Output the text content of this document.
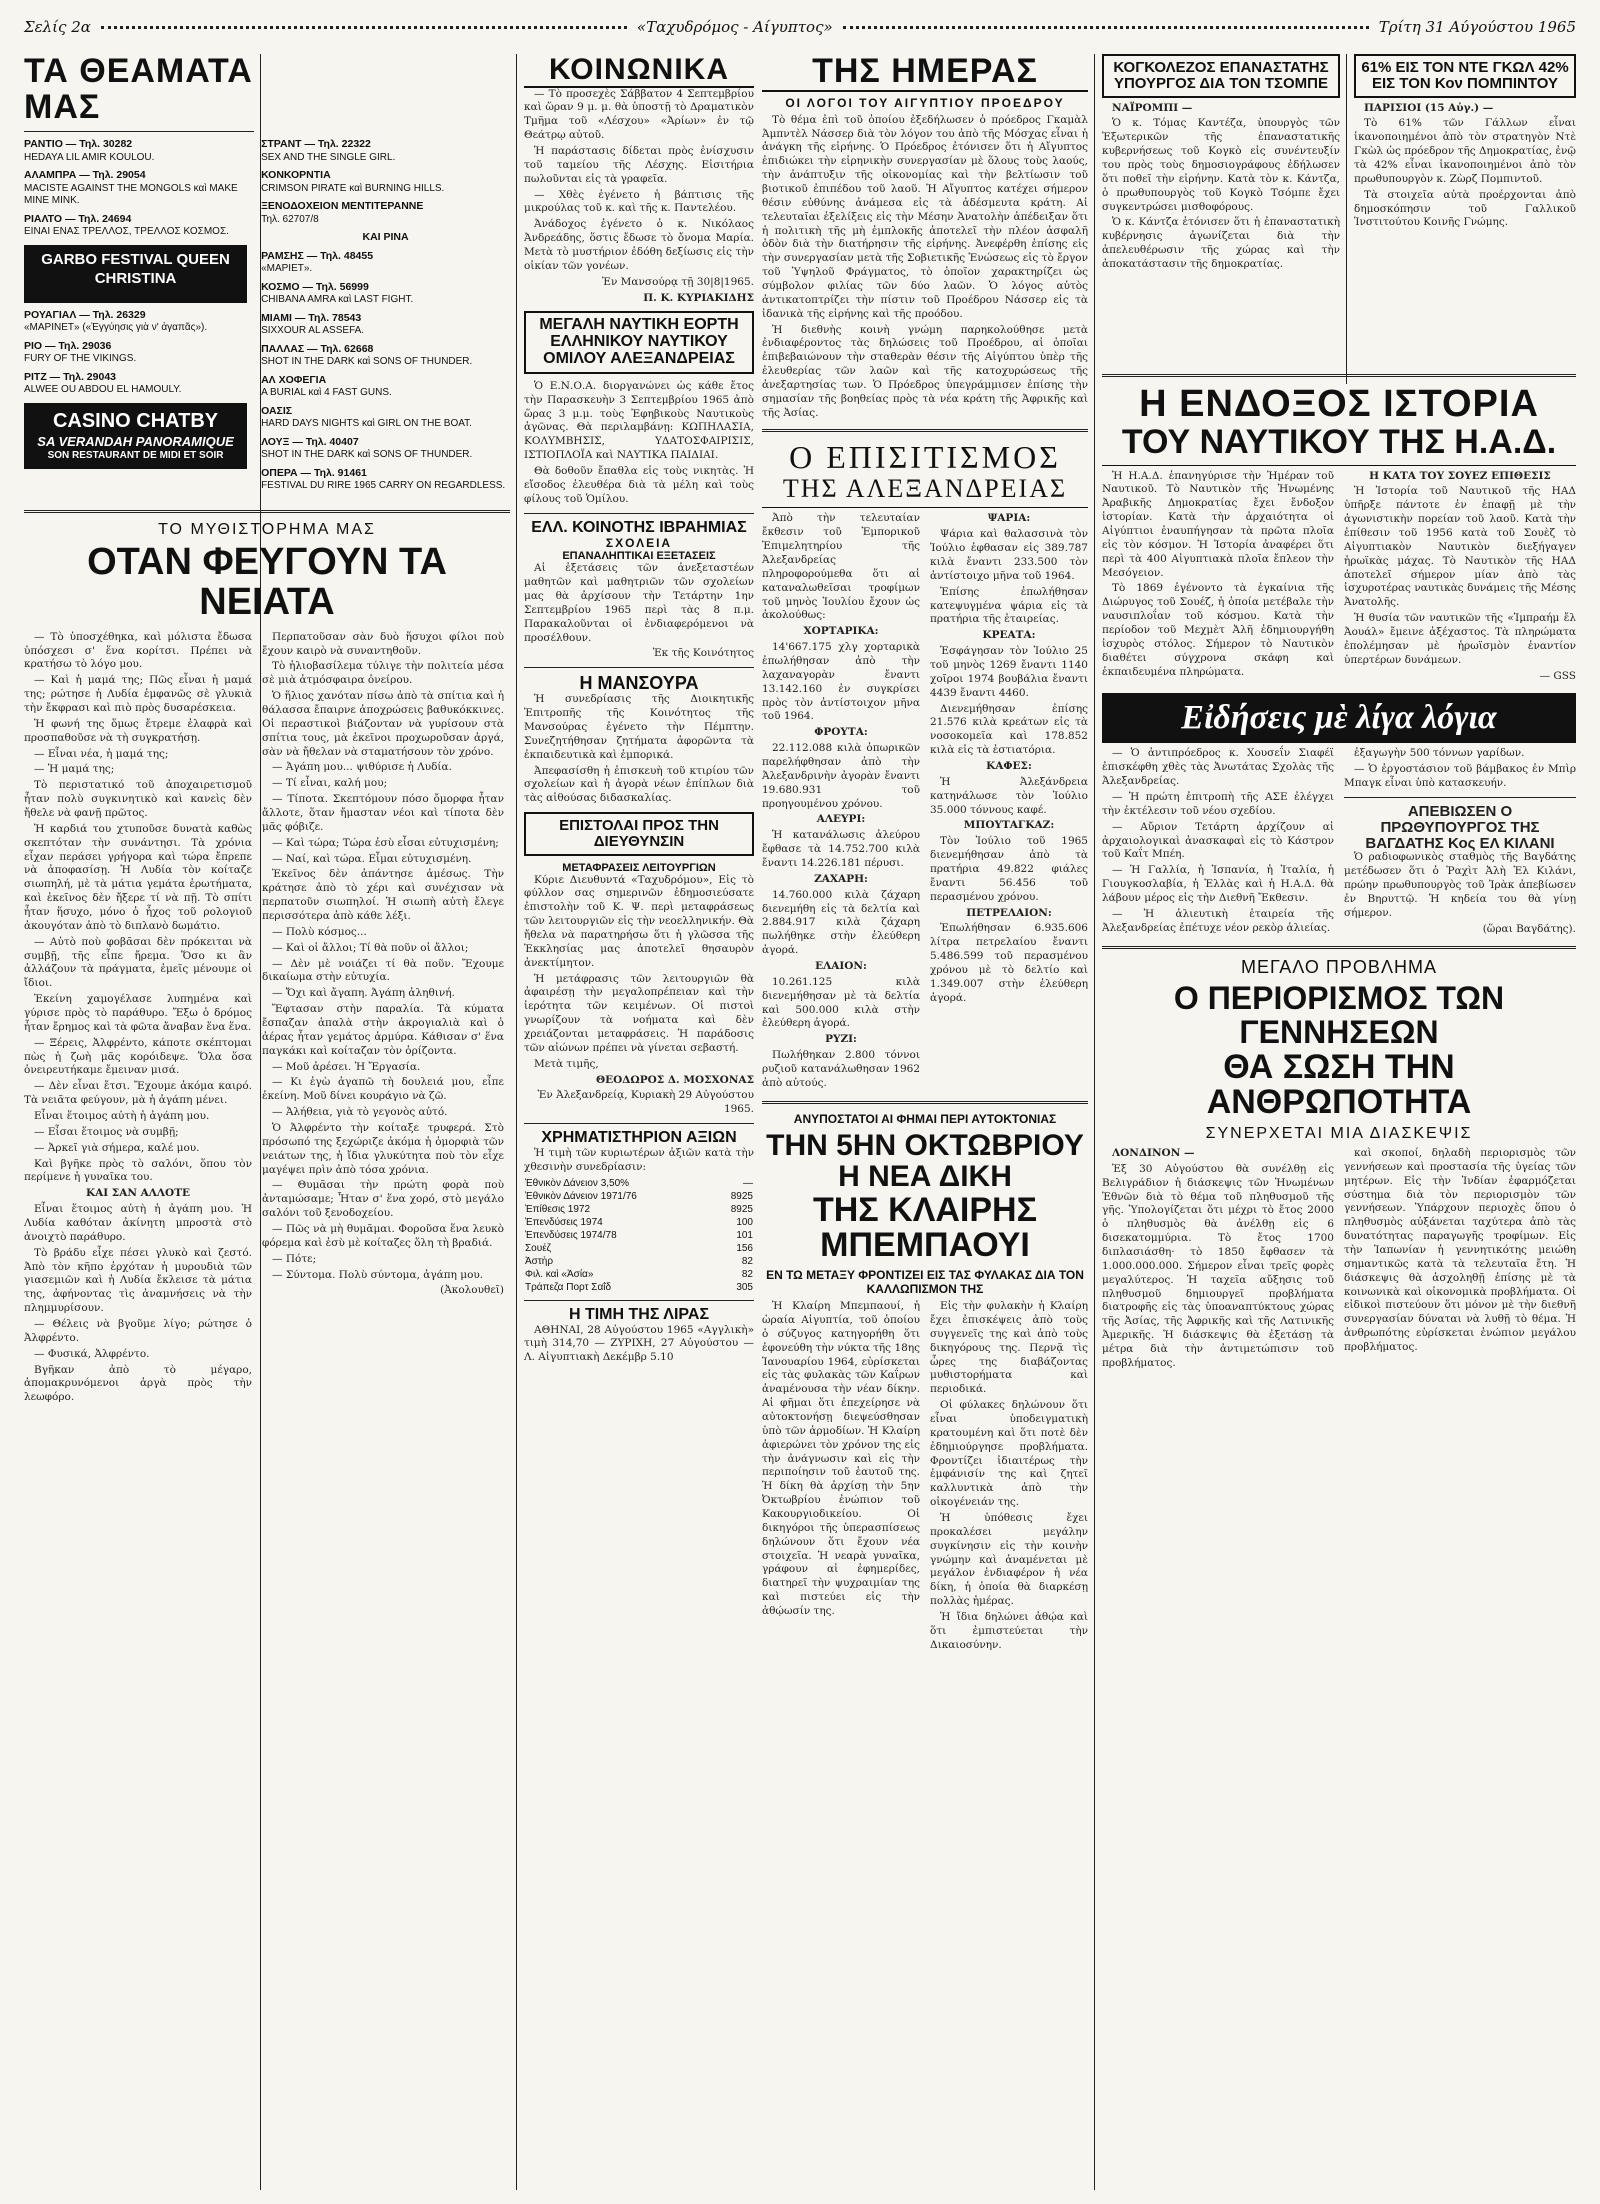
Σελίς 2α	«Ταχυδρόμος - Αίγυπτος»	Τρίτη 31 Αύγούστου 1965
ΤΑ ΘΕΑΜΑΤΑ ΜΑΣ
ΡΑΝΤΙΟ — Τηλ. 30282
HEDAYA LIL AMIR KOULOU.
ΑΛΑΜΠΡΑ — Τηλ. 29054
MACISTE AGAINST THE MONGOLS καὶ MAKE MINE MINK.
ΡΙΑΛΤΟ — Τηλ. 24694
ΕΙΝΑΙ ΕΝΑΣ ΤΡΕΛΛΟΣ, ΤΡΕΛΛΟΣ ΚΟΣΜΟΣ.
GARBO FESTIVAL QUEEN CHRISTINA
ΡΟΥΑΓΙΑΛ — Τηλ. 26329
«ΜΑΡΙΝΕΤ» («Ἐγγύησις γιὰ ν' ἀγαπᾶς»).
ΡΙΟ — Τηλ. 29036
FURY OF THE VIKINGS.
ΡΙΤΖ — Τηλ. 29043
ALWEE OU ABDOU EL HAMOULY.
CASINO CHATBY
SA VERANDAH PANORAMIQUE
SON RESTAURANT DE MIDI ET SOIR
ΣΤΡΑΝΤ — Τηλ. 22322
SEX AND THE SINGLE GIRL.
ΚΟΝΚΟΡΝΤΙΑ
CRIMSON PIRATE καὶ BURNING HILLS.
ΞΕΝΟΔΟΧΕΙΟΝ ΜΕΝΤΙΤΕΡΑΝΝΕ
Τηλ. 62707/8
ΚΑΙ ΡΙΝΑ
ΡΑΜΣΗΣ — Τηλ. 48455
«ΜΑΡΙΕΤ».
ΚΟΣΜΟ — Τηλ. 56999
CHIBANA AMRA καὶ LAST FIGHT.
ΜΙΑΜΙ — Τηλ. 78543
SIXXOUR AL ASSEFA.
ΠΑΛΛΑΣ — Τηλ. 62668
SHOT IN THE DARK καὶ SONS OF THUNDER.
ΑΛ ΧΟΦΕΓΙΑ
A BURIAL καὶ 4 FAST GUNS.
ΟΑΣΙΣ
HARD DAYS NIGHTS καὶ GIRL ON THE BOAT.
ΛΟΥΞ — Τηλ. 40407
SHOT IN THE DARK καὶ SONS OF THUNDER.
ΟΠΕΡΑ — Τηλ. 91461
FESTIVAL DU RIRE 1965 CARRY ON REGARDLESS.
ΤΟ ΜΥΘΙΣΤΟΡΗΜΑ ΜΑΣ
ΟΤΑΝ ΦΕΥΓΟΥΝ ΤΑ ΝΕΙΑΤΑ

— Τὸ ὑποσχέθηκα, καὶ μόλιστα ἔδωσα ὑπόσχεσι σ' ἕνα κορίτσι. Πρέπει νὰ κρατήσω τὸ λόγο μου.

— Καὶ ἡ μαμά της; Πῶς εἶναι ἡ μαμά της; ρώτησε ἡ Λυδία ἐμφανῶς σὲ γλυκιὰ τὴν ἔκφρασι καὶ πιὸ πρὸς δυσαρέσκεια.

Ἡ φωνή της ὅμως ἔτρεμε ἐλαφρὰ καὶ προσπαθοῦσε νὰ τὴ συγκρατήσῃ.

— Εἶναι νέα, ἡ μαμά της;

— Ἡ μαμά της;

Τὸ περιστατικό τοῦ ἀποχαιρετισμοῦ ἦταν πολὺ συγκινητικὸ καὶ κανεὶς δὲν ἤθελε νὰ φανῇ πρῶτος.

Ἡ καρδιά του χτυποῦσε δυνατὰ καθὼς σκεπτόταν τὴν συνάντησι. Τὰ χρόνια εἶχαν περάσει γρήγορα καὶ τώρα ἔπρεπε νὰ ἀποφασίσῃ. Ἡ Λυδία τὸν κοίταζε σιωπηλή, μὲ τὰ μάτια γεμάτα ἐρωτήματα, καὶ ἐκεῖνος δὲν ἤξερε τί νὰ πῇ. Τὸ σπίτι ἦταν ἥσυχο, μόνο ὁ ἦχος τοῦ ρολογιοῦ ἀκουγόταν ἀπὸ τὸ διπλανὸ δωμάτιο.

— Αὐτὸ ποὺ φοβᾶσαι δὲν πρόκειται νὰ συμβῇ, τῆς εἶπε ἤρεμα. Ὅσο κι ἂν ἀλλάζουν τὰ πράγματα, ἐμεῖς μένουμε οἱ ἴδιοι.

Ἐκείνη χαμογέλασε λυπημένα καὶ γύρισε πρὸς τὸ παράθυρο. Ἔξω ὁ δρόμος ἦταν ἔρημος καὶ τὰ φῶτα ἄναβαν ἕνα ἕνα.

— Ξέρεις, Ἀλφρέντο, κάποτε σκέπτομαι πὼς ἡ ζωὴ μᾶς κορόιδεψε. Ὅλα ὅσα ὀνειρευτήκαμε ἔμειναν μισά.

— Δὲν εἶναι ἔτσι. Ἔχουμε ἀκόμα καιρό. Τὰ νειᾶτα φεύγουν, μὰ ἡ ἀγάπη μένει.

Εἶναι ἕτοιμος αὐτὴ ἡ ἀγάπη μου.

— Εἶσαι ἕτοιμος νὰ συμβῇ;

— Ἀρκεῖ γιὰ σήμερα, καλέ μου.

Καὶ βγῆκε πρὸς τὸ σαλόνι, ὅπου τὸν περίμενε ἡ γυναῖκα του.

ΚΑΙ ΣΑΝ ΑΛΛΟΤΕ

Εἶναι ἕτοιμος αὐτὴ ἡ ἀγάπη μου. Ἡ Λυδία καθόταν ἀκίνητη μπροστὰ στὸ ἀνοιχτὸ παράθυρο.

Τὸ βράδυ εἶχε πέσει γλυκὸ καὶ ζεστό. Ἀπὸ τὸν κῆπο ἐρχόταν ἡ μυρουδιὰ τῶν γιασεμιῶν καὶ ἡ Λυδία ἔκλεισε τὰ μάτια της, ἀφήνοντας τὶς ἀναμνήσεις νὰ τὴν πλημμυρίσουν.

— Θέλεις νὰ βγοῦμε λίγο; ρώτησε ὁ Ἀλφρέντο.

— Φυσικά, Ἀλφρέντο.

Βγῆκαν ἀπὸ τὸ μέγαρο, ἀπομακρυνόμενοι ἀργὰ πρὸς τὴν λεωφόρο.

Περπατοῦσαν σὰν δυὸ ἥσυχοι φίλοι ποὺ ἔχουν καιρὸ νὰ συναντηθοῦν.

Τὸ ἡλιοβασίλεμα τύλιγε τὴν πολιτεία μέσα σὲ μιὰ ἀτμόσφαιρα ὀνείρου.

Ὁ ἥλιος χανόταν πίσω ἀπὸ τὰ σπίτια καὶ ἡ θάλασσα ἔπαιρνε ἀποχρώσεις βαθυκόκκινες. Οἱ περαστικοὶ βιάζονταν νὰ γυρίσουν στὰ σπίτια τους, μὰ ἐκεῖνοι προχωροῦσαν ἀργά, σὰν νὰ ἤθελαν νὰ σταματήσουν τὸν χρόνο.

— Ἀγάπη μου... ψιθύρισε ἡ Λυδία.

— Τί εἶναι, καλή μου;

— Τίποτα. Σκεπτόμουν πόσο ὄμορφα ἦταν ἄλλοτε, ὅταν ἤμασταν νέοι καὶ τίποτα δὲν μᾶς φόβιζε.

— Καὶ τώρα; Τώρα ἐσὺ εἶσαι εὐτυχισμένη;

— Ναί, καὶ τώρα. Εἶμαι εὐτυχισμένη.

Ἐκεῖνος δὲν ἀπάντησε ἀμέσως. Τὴν κράτησε ἀπὸ τὸ χέρι καὶ συνέχισαν νὰ περπατοῦν σιωπηλοί. Ἡ σιωπὴ αὐτὴ ἔλεγε περισσότερα ἀπὸ κάθε λέξι.

— Πολὺ κόσμος...

— Καὶ οἱ ἄλλοι; Τί θὰ ποῦν οἱ ἄλλοι;

— Δὲν μὲ νοιάζει τί θὰ ποῦν. Ἔχουμε δικαίωμα στὴν εὐτυχία.

— Ὄχι καὶ ἄγαπη. Ἀγάπη ἀληθινή.

Ἔφτασαν στὴν παραλία. Τὰ κύματα ἔσπαζαν ἁπαλὰ στὴν ἀκρογιαλιὰ καὶ ὁ ἀέρας ἦταν γεμάτος ἁρμύρα. Κάθισαν σ' ἕνα παγκάκι καὶ κοίταζαν τὸν ὁρίζοντα.

— Μοῦ ἀρέσει. Ἡ Ἔργασία.

— Κι ἐγὼ ἀγαπῶ τὴ δουλειά μου, εἶπε ἐκείνη. Μοῦ δίνει κουράγιο νὰ ζῶ.

— Ἀλήθεια, γιὰ τὸ γεγονὸς αὐτό.

Ὁ Ἀλφρέντο τὴν κοίταξε τρυφερά. Στὸ πρόσωπό της ξεχώριζε ἀκόμα ἡ ὀμορφιὰ τῶν νειάτων της, ἡ ἴδια γλυκύτητα ποὺ τὸν εἶχε μαγέψει πρὶν ἀπὸ τόσα χρόνια.

— Θυμᾶσαι τὴν πρώτη φορὰ ποὺ ἀνταμώσαμε; Ἦταν σ' ἕνα χορό, στὸ μεγάλο σαλόνι τοῦ ξενοδοχείου.

— Πῶς νὰ μὴ θυμᾶμαι. Φοροῦσα ἕνα λευκὸ φόρεμα καὶ ἐσὺ μὲ κοίταζες ὅλη τὴ βραδιά.

— Πότε;

— Σύντομα. Πολὺ σύντομα, ἀγάπη μου.

(Ἀκολουθεῖ)

ΚΟΙΝΩΝΙΚΑ

— Τὸ προσεχὲς Σάββατον 4 Σεπτεμβρίου καὶ ὥραν 9 μ. μ. θὰ ὑποστῇ τὸ Δραματικὸν Τμῆμα τοῦ «Λέσχου» «Ἀρίων» ἐν τῷ Θεάτρῳ αὐτοῦ.

Ἡ παράστασις δίδεται πρὸς ἐνίσχυσιν τοῦ ταμείου τῆς Λέσχης. Εἰσιτήρια πωλοῦνται εἰς τὰ γραφεῖα.

— Χθὲς ἐγένετο ἡ βάπτισις τῆς μικρούλας τοῦ κ. καὶ τῆς κ. Παντελέου.

Ἀνάδοχος ἐγένετο ὁ κ. Νικόλαος Ἀνδρεάδης, ὅστις ἔδωσε τὸ ὄνομα Μαρία. Μετὰ τὸ μυστήριον ἐδόθη δεξίωσις εἰς τὴν οἰκίαν τῶν γονέων.

Ἐν Μανσούρᾳ τῇ 30|8|1965.

Π. Κ. ΚΥΡΙΑΚΙΔΗΣ

ΜΕΓΑΛΗ ΝΑΥΤΙΚΗ ΕΟΡΤΗ ΕΛΛΗΝΙΚΟΥ ΝΑΥΤΙΚΟΥ ΟΜΙΛΟΥ ΑΛΕΞΑΝΔΡΕΙΑΣ

Ὁ Ε.Ν.Ο.Α. διοργανώνει ὡς κάθε ἔτος τὴν Παρασκευὴν 3 Σεπτεμβρίου 1965 ἀπὸ ὥρας 3 μ.μ. τοὺς Ἐφηβικοὺς Ναυτικοὺς ἀγῶνας. Θὰ περιλαμβάνῃ: ΚΩΠΗΛΑΣΙΑ, ΚΟΛΥΜΒΗΣΙΣ, ΥΔΑΤΟΣΦΑΙΡΙΣΙΣ, ΙΣΤΙΟΠΛΟΪΑ καὶ ΝΑΥΤΙΚΑ ΠΑΙΔΙΑΙ.

Θὰ δοθοῦν ἔπαθλα εἰς τοὺς νικητὰς. Ἡ εἴσοδος ἐλευθέρα διὰ τὰ μέλη καὶ τοὺς φίλους τοῦ Ὁμίλου.

ΕΛΛ. ΚΟΙΝΟΤΗΣ ΙΒΡΑΗΜΙΑΣ
ΣΧΟΛΕΙΑ
ΕΠΑΝΑΛΗΠΤΙΚΑΙ ΕΞΕΤΑΣΕΙΣ

Αἱ ἐξετάσεις τῶν ἀνεξεταστέων μαθητῶν καὶ μαθητριῶν τῶν σχολείων μας θὰ ἀρχίσουν τὴν Τετάρτην 1ην Σεπτεμβρίου 1965 περὶ τὰς 8 π.μ. Παρακαλοῦνται οἱ ἐνδιαφερόμενοι νὰ προσέλθουν.

Ἐκ τῆς Κοινότητος

Η ΜΑΝΣΟΥΡΑ

Ἡ συνεδρίασις τῆς Διοικητικῆς Ἐπιτροπῆς τῆς Κοινότητος τῆς Μανσούρας ἐγένετο τὴν Πέμπτην. Συνεζητήθησαν ζητήματα ἀφορῶντα τὰ ἐκπαιδευτικὰ καὶ ἐμπορικά.

Ἀπεφασίσθη ἡ ἐπισκευὴ τοῦ κτιρίου τῶν σχολείων καὶ ἡ ἀγορὰ νέων ἐπίπλων διὰ τὰς αἰθούσας διδασκαλίας.

ΕΠΙΣΤΟΛΑΙ ΠΡΟΣ ΤΗΝ ΔΙΕΥΘΥΝΣΙΝ
ΜΕΤΑΦΡΑΣΕΙΣ ΛΕΙΤΟΥΡΓΙΩΝ

Κύριε Διευθυντά «Ταχυδρόμου», Εἰς τὸ φύλλον σας σημερινῶν ἐδημοσιεύσατε ἐπιστολὴν τοῦ Κ. Ψ. περὶ μεταφράσεως τῶν λειτουργιῶν εἰς τὴν νεοελληνικήν. Θὰ ἤθελα νὰ παρατηρήσω ὅτι ἡ γλῶσσα τῆς Ἐκκλησίας μας ἀποτελεῖ θησαυρὸν ἀνεκτίμητον.

Ἡ μετάφρασις τῶν λειτουργιῶν θὰ ἀφαιρέσῃ τὴν μεγαλοπρέπειαν καὶ τὴν ἱερότητα τῶν κειμένων. Οἱ πιστοὶ γνωρίζουν τὰ νοήματα καὶ δὲν χρειάζονται μεταφράσεις. Ἡ παράδοσις τῶν αἰώνων πρέπει νὰ γίνεται σεβαστή.

Μετὰ τιμῆς,

ΘΕΟΔΩΡΟΣ Δ. ΜΟΣΧΟΝΑΣ

Ἐν Ἀλεξανδρείᾳ, Κυριακὴ 29 Αὐγούστου 1965.

ΧΡΗΜΑΤΙΣΤΗΡΙΟΝ ΑΞΙΩΝ

Ἡ τιμὴ τῶν κυριωτέρων ἀξιῶν κατὰ τὴν χθεσινὴν συνεδρίασιν:

Ἐθνικὸν Δάνειον 3,50%	—
Ἐθνικὸν Δάνειον 1971/76	8925
Ἐπίθεσις 1972	8925
Ἐπενδύσεις 1974	100
Ἐπενδύσεις 1974/78	101
Σουέζ	156
Ἀστὴρ	82
Φιλ. καὶ «Ἀσία»	82
Τράπεζα Πορτ Σαΐδ	305
Η ΤΙΜΗ ΤΗΣ ΛΙΡΑΣ

ΑΘΗΝΑΙ, 28 Αὐγούστου 1965 «Αγγλικὴ» τιμὴ 314,70 — ΖΥΡΙΧΗ, 27 Αὐγούστου — Λ. Αἰγυπτιακὴ Δεκέμβρ 5.10

ΤΗΣ ΗΜΕΡΑΣ
ΟΙ ΛΟΓΟΙ ΤΟΥ ΑΙΓΥΠΤΙΟΥ ΠΡΟΕΔΡΟΥ

Τὸ θέμα ἐπὶ τοῦ ὁποίου ἐξεδήλωσεν ὁ πρόεδρος Γκαμὰλ Ἀμπντὲλ Νάσσερ διὰ τὸν λόγον του ἀπὸ τῆς Μόσχας εἶναι ἡ ἀνάγκη τῆς εἰρήνης. Ὁ Πρόεδρος ἐτόνισεν ὅτι ἡ Αἴγυπτος ἐπιδιώκει τὴν εἰρηνικὴν συνεργασίαν μὲ ὅλους τοὺς λαούς, τὴν ἀνάπτυξιν τῆς οἰκονομίας καὶ τὴν βελτίωσιν τοῦ βιοτικοῦ ἐπιπέδου τοῦ λαοῦ. Ἡ Αἴγυπτος κατέχει σήμερον θέσιν εὐθύνης ἀνάμεσα εἰς τὰ ἀδέσμευτα κράτη. Αἱ τελευταῖαι ἐξελίξεις εἰς τὴν Μέσην Ἀνατολὴν ἀπέδειξαν ὅτι ἡ πολιτικὴ τῆς μὴ ἐμπλοκῆς ἀποτελεῖ τὴν πλέον ἀσφαλῆ ὁδὸν διὰ τὴν διατήρησιν τῆς εἰρήνης. Ἀνεφέρθη ἐπίσης εἰς τὴν συνεργασίαν μετὰ τῆς Σοβιετικῆς Ἑνώσεως εἰς τὸ ἔργον τοῦ Ὑψηλοῦ Φράγματος, τὸ ὁποῖον χαρακτηρίζει ὡς σύμβολον φιλίας τῶν δύο λαῶν. Ὁ λόγος αὐτὸς ἀντικατοπτρίζει τὴν πίστιν τοῦ Προέδρου Νάσσερ εἰς τὰ ἰδανικὰ τῆς εἰρήνης καὶ τῆς προόδου.

Ἡ διεθνὴς κοινὴ γνώμη παρηκολούθησε μετὰ ἐνδιαφέροντος τὰς δηλώσεις τοῦ Προέδρου, αἱ ὁποῖαι ἐπιβεβαιώνουν τὴν σταθερὰν θέσιν τῆς Αἰγύπτου ὑπὲρ τῆς ἐλευθερίας τῶν λαῶν καὶ τῆς κατοχυρώσεως τῆς ἀνεξαρτησίας των. Ὁ Πρόεδρος ὑπεγράμμισεν ἐπίσης τὴν σημασίαν τῆς βοηθείας πρὸς τὰ νέα κράτη τῆς Ἀφρικῆς καὶ τῆς Ἀσίας.

Ο ΕΠΙΣΙΤΙΣΜΟΣ
ΤΗΣ ΑΛΕΞΑΝΔΡΕΙΑΣ

Ἀπὸ τὴν τελευταίαν ἔκθεσιν τοῦ Ἐμπορικοῦ Ἐπιμελητηρίου τῆς Ἀλεξανδρείας πληροφορούμεθα ὅτι αἱ καταναλωθεῖσαι τροφίμων τοῦ μηνὸς Ἰουλίου ἔχουν ὡς ἀκολούθως:

ΧΟΡΤΑΡΙΚΑ:

14'667.175 χλγ χορταρικὰ ἐπωλήθησαν ἀπὸ τὴν λαχαναγορὰν ἔναντι 13.142.160 ἐν συγκρίσει πρὸς τὸν ἀντίστοιχον μῆνα τοῦ 1964.

ΦΡΟΥΤΑ:

22.112.088 κιλὰ ὀπωρικῶν παρελήφθησαν ἀπὸ τὴν Ἀλεξανδρινὴν ἀγορὰν ἔναντι 19.680.931 τοῦ προηγουμένου χρόνου.

ΑΛΕΥΡΙ:

Ἡ κατανάλωσις ἀλεύρου ἔφθασε τὰ 14.752.700 κιλὰ ἔναντι 14.226.181 πέρυσι.

ΖΑΧΑΡΗ:

14.760.000 κιλὰ ζάχαρη διενεμήθη εἰς τὰ δελτία καὶ 2.884.917 κιλὰ ζάχαρη πωλήθηκε στὴν ἐλεύθερη ἀγορά.

ΕΛΑΙΟΝ:

10.261.125 κιλὰ διενεμήθησαν μὲ τὰ δελτία καὶ 500.000 κιλὰ στὴν ἐλεύθερη ἀγορά.

ΡΥΖΙ:

Πωλήθηκαν 2.800 τόννοι ρυζιοῦ κατανάλωθησαν 1962 ἀπὸ αὐτούς.

ΨΑΡΙΑ:

Ψάρια καὶ θαλασσινὰ τὸν Ἰούλιο ἐφθασαν εἰς 389.787 κιλὰ ἔναντι 233.500 τὸν ἀντίστοιχο μῆνα τοῦ 1964.

Ἐπίσης ἐπωλήθησαν κατεψυγμένα ψάρια εἰς τὰ πρατήρια τῆς ἑταιρείας.

ΚΡΕΑΤΑ:

Ἐσφάγησαν τὸν Ἰούλιο 25 τοῦ μηνὸς 1269 ἔναντι 1140 χοῖροι 1974 βουβάλια ἔναντι 4439 ἔναντι 4460.

Διενεμήθησαν ἐπίσης 21.576 κιλὰ κρεάτων εἰς τὰ νοσοκομεῖα καὶ 178.852 κιλὰ εἰς τὰ ἑστιατόρια.

ΚΑΦΕΣ:

Ἡ Ἀλεξάνδρεια κατηνάλωσε τὸν Ἰούλιο 35.000 τόννους καφέ.

ΜΠΟΥΤΑΓΚΑΖ:

Τὸν Ἰούλιο τοῦ 1965 διενεμήθησαν ἀπὸ τὰ πρατήρια 49.822 φιάλες ἔναντι 56.456 τοῦ περασμένου χρόνου.

ΠΕΤΡΕΛΑΙΟΝ:

Ἐπωλήθησαν 6.935.606 λίτρα πετρελαίου ἔναντι 5.486.599 τοῦ περασμένου χρόνου μὲ τὸ δελτίο καὶ 1.349.007 στὴν ἐλεύθερη ἀγορά.

ΑΝΥΠΟΣΤΑΤΟΙ ΑΙ ΦΗΜΑΙ ΠΕΡΙ ΑΥΤΟΚΤΟΝΙΑΣ
ΤΗΝ 5ΗΝ ΟΚΤΩΒΡΙΟΥ Η ΝΕΑ ΔΙΚΗ
ΤΗΣ ΚΛΑΙΡΗΣ ΜΠΕΜΠΑΟΥΙ
ΕΝ ΤΩ ΜΕΤΑΞΥ ΦΡΟΝΤΙΖΕΙ ΕΙΣ ΤΑΣ ΦΥΛΑΚΑΣ ΔΙΑ ΤΟΝ ΚΑΛΛΩΠΙΣΜΟΝ ΤΗΣ

Ἡ Κλαίρη Μπεμπαουί, ἡ ὡραία Αἰγυπτία, τοῦ ὁποίου ὁ σύζυγος κατηγορήθη ὅτι ἐφονεύθη τὴν νύκτα τῆς 18ης Ἰανουαρίου 1964, εὑρίσκεται εἰς τὰς φυλακὰς τῶν Καΐρων ἀναμένουσα τὴν νέαν δίκην. Αἱ φῆμαι ὅτι ἐπεχείρησε νὰ αὐτοκτονήσῃ διεψεύσθησαν ὑπὸ τῶν ἁρμοδίων. Ἡ Κλαίρη ἀφιερώνει τὸν χρόνον της εἰς τὴν ἀνάγνωσιν καὶ εἰς τὴν περιποίησιν τοῦ ἑαυτοῦ της. Ἡ δίκη θὰ ἀρχίσῃ τὴν 5ην Ὀκτωβρίου ἐνώπιον τοῦ Κακουργιοδικείου. Οἱ δικηγόροι τῆς ὑπερασπίσεως δηλώνουν ὅτι ἔχουν νέα στοιχεῖα. Ἡ νεαρὰ γυναῖκα, γράφουν αἱ ἐφημερίδες, διατηρεῖ τὴν ψυχραιμίαν της καὶ πιστεύει εἰς τὴν ἀθῴωσίν της.

Εἰς τὴν φυλακὴν ἡ Κλαίρη ἔχει ἐπισκέψεις ἀπὸ τοὺς συγγενεῖς της καὶ ἀπὸ τοὺς δικηγόρους της. Περνᾷ τὶς ὧρες της διαβάζοντας μυθιστορήματα καὶ περιοδικά.

Οἱ φύλακες δηλώνουν ὅτι εἶναι ὑποδειγματικὴ κρατουμένη καὶ ὅτι ποτὲ δὲν ἐδημιούργησε προβλήματα. Φροντίζει ἰδιαιτέρως τὴν ἐμφάνισίν της καὶ ζητεῖ καλλυντικὰ ἀπὸ τὴν οἰκογένειάν της.

Ἡ ὑπόθεσις ἔχει προκαλέσει μεγάλην συγκίνησιν εἰς τὴν κοινὴν γνώμην καὶ ἀναμένεται μὲ μεγάλον ἐνδιαφέρον ἡ νέα δίκη, ἡ ὁποία θὰ διαρκέσῃ πολλὰς ἡμέρας.

Ἡ ἴδια δηλώνει ἀθῴα καὶ ὅτι ἐμπιστεύεται τὴν Δικαιοσύνην.

ΚΟΓΚΟΛΕΖΟΣ ΕΠΑΝΑΣΤΑΤΗΣ ΥΠΟΥΡΓΟΣ ΔΙΑ ΤΟΝ ΤΣΟΜΠΕ

ΝΑΪΡΟΜΠΙ —

Ὁ κ. Τόμας Καντέζα, ὑπουργὸς τῶν Ἐξωτερικῶν τῆς ἐπαναστατικῆς κυβερνήσεως τοῦ Κογκὸ εἰς συνέντευξίν του πρὸς τοὺς δημοσιογράφους ἐδήλωσεν ὅτι ποθεῖ τὴν εἰρήνην. Κατὰ τὸν κ. Κάντζα, ὁ πρωθυπουργὸς τοῦ Κογκὸ Τσόμπε ἔχει συγκεντρώσει μισθοφόρους.

Ὁ κ. Κάντζα ἐτόνισεν ὅτι ἡ ἐπαναστατικὴ κυβέρνησις ἀγωνίζεται διὰ τὴν ἀπελευθέρωσιν τῆς χώρας καὶ τὴν ἀποκατάστασιν τῆς δημοκρατίας.

61% ΕΙΣ ΤΟΝ ΝΤΕ ΓΚΩΛ 42% ΕΙΣ ΤΟΝ Κον ΠΟΜΠΙΝΤΟΥ

ΠΑΡΙΣΙΟΙ (15 Αὐγ.) —

Τὸ 61% τῶν Γάλλων εἶναι ἱκανοποιημένοι ἀπὸ τὸν στρατηγὸν Ντὲ Γκὼλ ὡς πρόεδρον τῆς Δημοκρατίας, ἐνῷ τὰ 42% εἶναι ἱκανοποιημένοι ἀπὸ τὸν πρωθυπουργὸν κ. Ζὼρζ Πομπιντοῦ.

Τὰ στοιχεῖα αὐτὰ προέρχονται ἀπὸ δημοσκόπησιν τοῦ Γαλλικοῦ Ἰνστιτούτου Κοινῆς Γνώμης.

Η ΕΝΔΟΞΟΣ ΙΣΤΟΡΙΑ
ΤΟΥ ΝΑΥΤΙΚΟΥ ΤΗΣ Η.Α.Δ.

Ἡ Η.Α.Δ. ἑπανηγύρισε τὴν Ἡμέραν τοῦ Ναυτικοῦ. Τὸ Ναυτικὸν τῆς Ἡνωμένης Ἀραβικῆς Δημοκρατίας ἔχει ἔνδοξον ἱστορίαν. Κατὰ τὴν ἀρχαιότητα οἱ Αἰγύπτιοι ἐναυπήγησαν τὰ πρῶτα πλοῖα εἰς τὸν κόσμον. Ἡ Ἱστορία ἀναφέρει ὅτι περὶ τὰ 400 Αἰγυπτιακὰ πλοῖα ἔπλεον τὴν Μεσόγειον.

Τὸ 1869 ἐγένοντο τὰ ἐγκαίνια τῆς Διώρυγος τοῦ Σουέζ, ἡ ὁποία μετέβαλε τὴν ναυσιπλοΐαν τοῦ κόσμου. Κατὰ τὴν περίοδον τοῦ Μεχμὲτ Ἀλῆ ἐδημιουργήθη ἰσχυρὸς στόλος. Σήμερον τὸ Ναυτικὸν διαθέτει σύγχρονα σκάφη καὶ ἐκπαιδευμένα πληρώματα.

Η ΚΑΤΑ ΤΟΥ ΣΟΥΕΖ ΕΠΙΘΕΣΙΣ

Ἡ Ἱστορία τοῦ Ναυτικοῦ τῆς ΗΑΔ ὑπῆρξε πάντοτε ἐν ἐπαφῇ μὲ τὴν ἀγωνιστικὴν πορείαν τοῦ λαοῦ. Κατὰ τὴν ἐπίθεσιν τοῦ 1956 κατὰ τοῦ Σουὲζ τὸ Αἰγυπτιακὸν Ναυτικὸν διεξήγαγεν ἡρωϊκὰς μάχας. Τὸ Ναυτικὸν τῆς ΗΑΔ ἀποτελεῖ σήμερον μίαν ἀπὸ τὰς ἰσχυροτέρας ναυτικὰς δυνάμεις τῆς Μέσης Ἀνατολῆς.

Ἡ θυσία τῶν ναυτικῶν τῆς «Ἰμπραήμ ἔλ Ἀουάλ» ἔμεινε ἀξέχαστος. Τὰ πληρώματα ἐπολέμησαν μὲ ἡρωϊσμὸν ἐναντίον ὑπερτέρων δυνάμεων.

— GSS

Εἰδήσεις μὲ λίγα λόγια

— Ὁ ἀντιπρόεδρος κ. Χουσεΐν Σιαφέϊ ἐπισκέφθη χθὲς τὰς Ἀνωτάτας Σχολὰς τῆς Ἀλεξανδρείας.

— Ἡ πρώτη ἐπιτροπὴ τῆς ΑΣΕ ἐλέγχει τὴν ἐκτέλεσιν τοῦ νέου σχεδίου.

— Αὔριον Τετάρτη ἀρχίζουν αἱ ἀρχαιολογικαὶ ἀνασκαφαὶ εἰς τὸ Κάστρον τοῦ Καΐτ Μπέη.

— Ἡ Γαλλία, ἡ Ἰσπανία, ἡ Ἰταλία, ἡ Γιουγκοσλαβία, ἡ Ἑλλὰς καὶ ἡ Η.Α.Δ. θὰ λάβουν μέρος εἰς τὴν Διεθνῆ Ἔκθεσιν.

— Ἡ ἀλιευτικὴ ἑταιρεία τῆς Ἀλεξανδρείας ἐπέτυχε νέον ρεκὸρ ἀλιείας.

ἐξαγωγὴν 500 τόννων γαρίδων.

— Ὁ ἐργοστάσιον τοῦ βάμβακος ἐν Μπὶρ Μπαγκ εἶναι ὑπὸ κατασκευήν.

ΑΠΕΒΙΩΣΕΝ Ο ΠΡΩΘΥΠΟΥΡΓΟΣ ΤΗΣ ΒΑΓΔΑΤΗΣ Κος ΕΛ ΚΙΛΑΝΙ

Ὁ ραδιοφωνικὸς σταθμὸς τῆς Βαγδάτης μετέδωσεν ὅτι ὁ Ῥαχὶτ Ἀλὴ Ἐλ Κιλάνι, πρώην πρωθυπουργὸς τοῦ Ἰρὰκ ἀπεβίωσεν ἐν Βηρυττῷ. Ἡ κηδεία του θὰ γίνῃ σήμερον.

(ὥραι Βαγδάτης).

ΜΕΓΑΛΟ ΠΡΟΒΛΗΜΑ
Ο ΠΕΡΙΟΡΙΣΜΟΣ ΤΩΝ ΓΕΝΝΗΣΕΩΝ
ΘΑ ΣΩΣΗ ΤΗΝ ΑΝΘΡΩΠΟΤΗΤΑ
ΣΥΝΕΡΧΕΤΑΙ ΜΙΑ ΔΙΑΣΚΕΨΙΣ

ΛΟΝΔΙΝΟΝ —

Ἐξ 30 Αὐγούστου θὰ συνέλθῃ εἰς Βελιγράδιον ἡ διάσκεψις τῶν Ἡνωμένων Ἐθνῶν διὰ τὸ θέμα τοῦ πληθυσμοῦ τῆς γῆς. Ὑπολογίζεται ὅτι μέχρι τὸ ἔτος 2000 ὁ πληθυσμὸς θὰ ἀνέλθῃ εἰς 6 δισεκατομμύρια. Τὸ ἔτος 1700 διπλασιάσθη· τὸ 1850 ἔφθασεν τὰ 1.000.000.000. Σήμερον εἶναι τρεῖς φορὲς μεγαλύτερος. Ἡ ταχεῖα αὔξησις τοῦ πληθυσμοῦ δημιουργεῖ προβλήματα διατροφῆς εἰς τὰς ὑποαναπτύκτους χώρας τῆς Ἀσίας, τῆς Ἀφρικῆς καὶ τῆς Λατινικῆς Ἀμερικῆς. Ἡ διάσκεψις θὰ ἐξετάσῃ τὰ μέτρα διὰ τὴν ἀντιμετώπισιν τοῦ προβλήματος.

καὶ σκοποί, δηλαδὴ περιορισμὸς τῶν γεννήσεων καὶ προστασία τῆς ὑγείας τῶν μητέρων. Εἰς τὴν Ἰνδίαν ἐφαρμόζεται σύστημα διὰ τὸν περιορισμὸν τῶν γεννήσεων. Ὑπάρχουν περιοχὲς ὅπου ὁ πληθυσμὸς αὐξάνεται ταχύτερα ἀπὸ τὰς δυνατότητας παραγωγῆς τροφίμων. Εἰς τὴν Ἰαπωνίαν ἡ γεννητικότης μειώθη σημαντικῶς κατὰ τὰ τελευταῖα ἔτη. Ἡ διάσκεψις θὰ ἀσχοληθῇ ἐπίσης μὲ τὰ κοινωνικὰ καὶ οἰκονομικὰ προβλήματα. Οἱ εἰδικοὶ πιστεύουν ὅτι μόνον μὲ τὴν διεθνῆ συνεργασίαν δύναται νὰ λυθῇ τὸ θέμα. Ἡ ἀνθρωπότης εὑρίσκεται ἐνώπιον μεγάλου προβλήματος.
